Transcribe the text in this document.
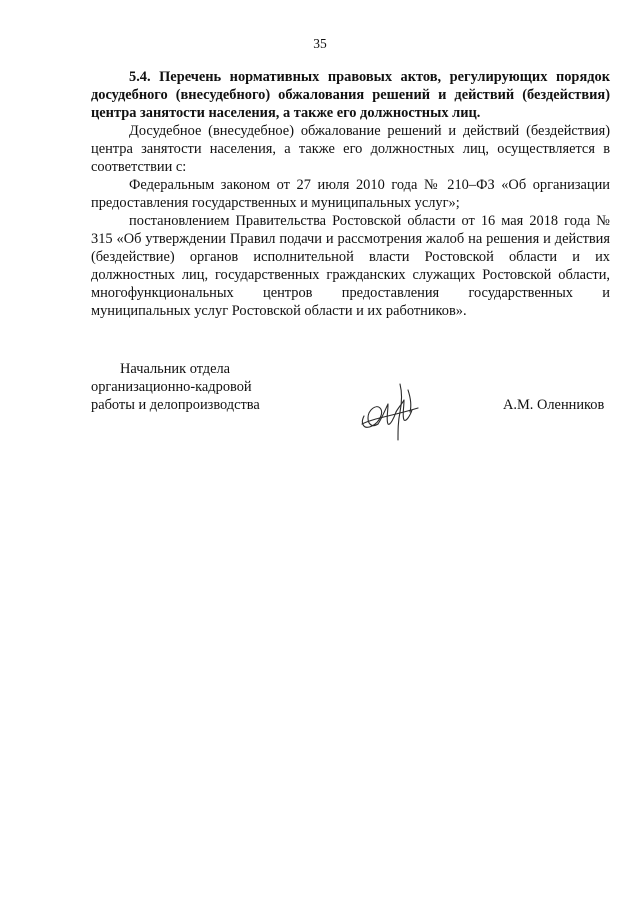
35

5.4. Перечень нормативных правовых актов, регулирующих порядок досудебного (внесудебного) обжалования решений и действий (бездействия) центра занятости населения, а также его должностных лиц.

Досудебное (внесудебное) обжалование решений и действий (бездействия) центра занятости населения, а также его должностных лиц, осуществляется в соответствии с:

Федеральным законом от 27 июля 2010 года № 210–ФЗ «Об организации предоставления государственных и муниципальных услуг»;

постановлением Правительства Ростовской области от 16 мая 2018 года № 315 «Об утверждении Правил подачи и рассмотрения жалоб на решения и действия (бездействие) органов исполнительной власти Ростовской области и их должностных лиц, государственных гражданских служащих Ростовской области, многофункциональных центров предоставления государственных и муниципальных услуг Ростовской области и их работников».

Начальник отдела
организационно-кадровой
работы и делопроизводства	А.М. Оленников
